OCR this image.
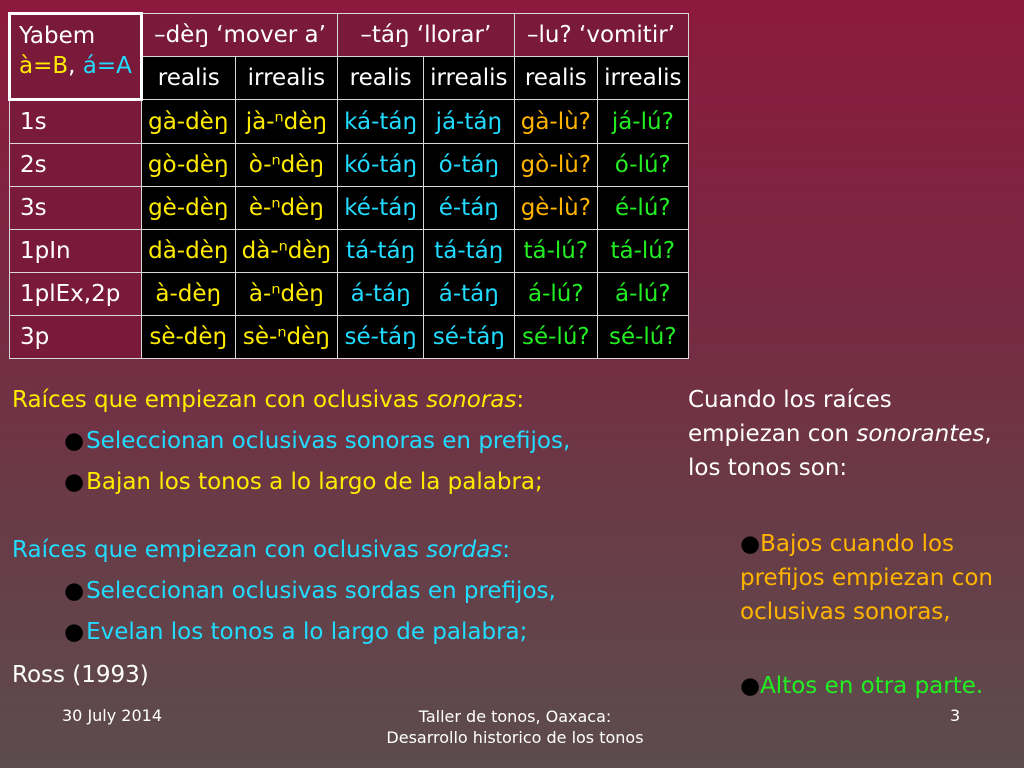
Yabem
à=B, á=A	–dèŋ ‘mover a’		–táŋ ‘llorar’		–lu? ‘vomitir’	
	realis	irrealis	realis	irrealis	realis	irrealis
1s	gà-dèŋ	jà-ⁿdèŋ	ká-táŋ	já-táŋ	gà-lù?	já-lú?
2s	gò-dèŋ	ò-ⁿdèŋ	kó-táŋ	ó-táŋ	gò-lù?	ó-lú?
3s	gè-dèŋ	è-ⁿdèŋ	ké-táŋ	é-táŋ	gè-lù?	é-lú?
1pIn	dà-dèŋ	dà-ⁿdèŋ	tá-táŋ	tá-táŋ	tá-lú?	tá-lú?
1plEx,2p	à-dèŋ	à-ⁿdèŋ	á-táŋ	á-táŋ	á-lú?	á-lú?
3p	sè-dèŋ	sè-ⁿdèŋ	sé-táŋ	sé-táŋ	sé-lú?	sé-lú?
Raíces que empiezan con oclusivas sonoras:
● Seleccionan oclusivas sonoras en prefijos,
● Bajan los tonos a lo largo de la palabra;
Raíces que empiezan con oclusivas sordas:
● Seleccionan oclusivas sordas en prefijos,
● Evelan los tonos a lo largo de palabra;
Ross (1993)
Cuando los raíces empiezan con sonorantes, los tonos son:
●Bajos cuando los prefijos empiezan con oclusivas sonoras,
●Altos en otra parte.
30 July 2014	Taller de tonos, Oaxaca: Desarrollo historico de los tonos
3
